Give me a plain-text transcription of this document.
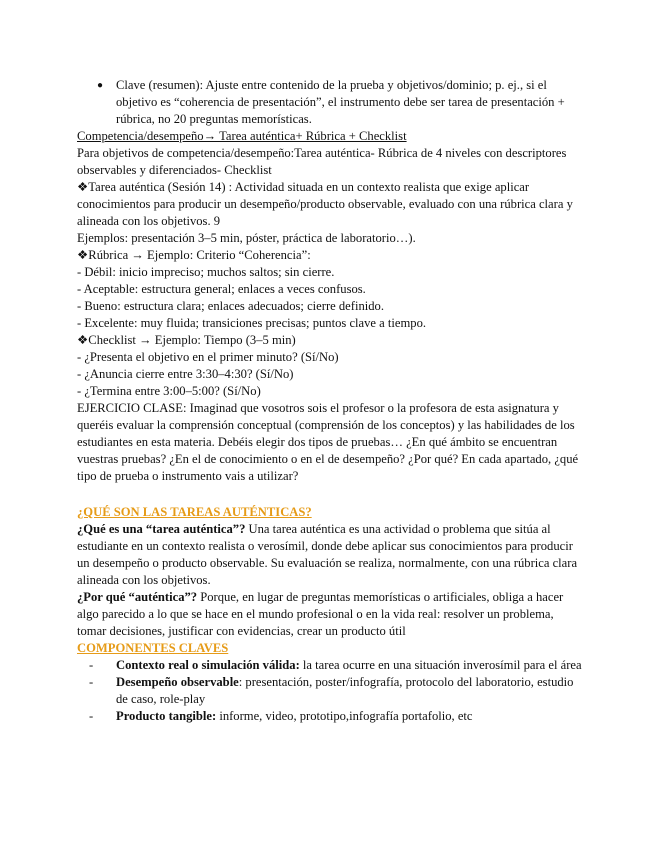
●	Clave (resumen): Ajuste entre contenido de la prueba y objetivos/dominio; p. ej., si el objetivo es “coherencia de presentación”, el instrumento debe ser tarea de presentación + rúbrica, no 20 preguntas memorísticas.

Competencia/desempeño→ Tarea auténtica+ Rúbrica + Checklist

Para objetivos de competencia/desempeño:Tarea auténtica- Rúbrica de 4 niveles con descriptores observables y diferenciados- Checklist

❖Tarea auténtica (Sesión 14) : Actividad situada en un contexto realista que exige aplicar conocimientos para producir un desempeño/producto observable, evaluado con una rúbrica clara y alineada con los objetivos. 9

Ejemplos: presentación 3–5 min, póster, práctica de laboratorio…).

❖Rúbrica → Ejemplo: Criterio “Coherencia”:

- Débil: inicio impreciso; muchos saltos; sin cierre.

- Aceptable: estructura general; enlaces a veces confusos.

- Bueno: estructura clara; enlaces adecuados; cierre definido.

- Excelente: muy fluida; transiciones precisas; puntos clave a tiempo.

❖Checklist → Ejemplo: Tiempo (3–5 min)

- ¿Presenta el objetivo en el primer minuto? (Sí/No)

- ¿Anuncia cierre entre 3:30–4:30? (Sí/No)

- ¿Termina entre 3:00–5:00? (Sí/No)

EJERCICIO CLASE: Imaginad que vosotros sois el profesor o la profesora de esta asignatura y queréis evaluar la comprensión conceptual (comprensión de los conceptos) y las habilidades de los estudiantes en esta materia. Debéis elegir dos tipos de pruebas… ¿En qué ámbito se encuentran vuestras pruebas? ¿En el de conocimiento o en el de desempeño? ¿Por qué? En cada apartado, ¿qué tipo de prueba o instrumento vais a utilizar?

¿QUÉ SON LAS TAREAS AUTÉNTICAS?

¿Qué es una “tarea auténtica”? Una tarea auténtica es una actividad o problema que sitúa al estudiante en un contexto realista o verosímil, donde debe aplicar sus conocimientos para producir un desempeño o producto observable. Su evaluación se realiza, normalmente, con una rúbrica clara alineada con los objetivos.

¿Por qué “auténtica”? Porque, en lugar de preguntas memorísticas o artificiales, obliga a hacer algo parecido a lo que se hace en el mundo profesional o en la vida real: resolver un problema, tomar decisiones, justificar con evidencias, crear un producto útil

COMPONENTES CLAVES

-	Contexto real o simulación válida: la tarea ocurre en una situación inverosímil para el área
-	Desempeño observable: presentación, poster/infografía, protocolo del laboratorio, estudio de caso, role-play
-	Producto tangible: informe, video, prototipo,infografía portafolio, etc
